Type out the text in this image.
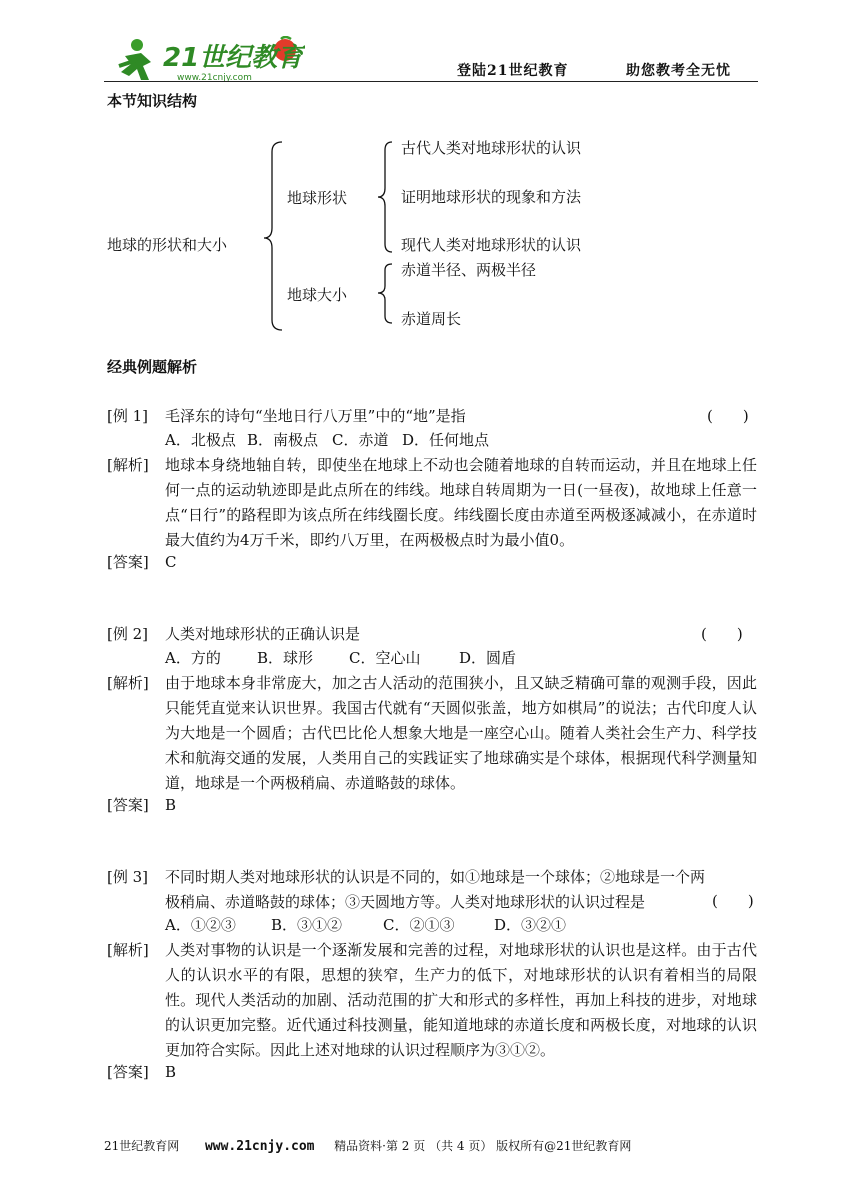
21世纪教育
www.21cnjy.com	登陆21世纪教育	助您教考全无忧
本节知识结构
地球的形状和大小
地球形状
地球大小
古代人类对地球形状的认识
证明地球形状的现象和方法
现代人类对地球形状的认识
赤道半径、两极半径
赤道周长
经典例题解析
[例 1] 毛泽东的诗句“坐地日行八万里”中的“地”是指	(　　)
A．北极点 B．南极点 C．赤道 D．任何地点
[解析] 地球本身绕地轴自转，即使坐在地球上不动也会随着地球的自转而运动，并且在地球上任何一点的运动轨迹即是此点所在的纬线。地球自转周期为一日(一昼夜)，故地球上任意一点“日行”的路程即为该点所在纬线圈长度。纬线圈长度由赤道至两极逐减减小，在赤道时最大值约为4万千米，即约八万里，在两极极点时为最小值0。
[答案] C
[例 2] 人类对地球形状的正确认识是	(　　)
A．方的 B．球形 C．空心山	D．圆盾
[解析] 由于地球本身非常庞大，加之古人活动的范围狭小，且又缺乏精确可靠的观测手段，因此只能凭直觉来认识世界。我国古代就有“天圆似张盖，地方如棋局”的说法；古代印度人认为大地是一个圆盾；古代巴比伦人想象大地是一座空心山。随着人类社会生产力、科学技术和航海交通的发展，人类用自己的实践证实了地球确实是个球体，根据现代科学测量知道，地球是一个两极稍扁、赤道略鼓的球体。
[答案] B
[例 3] 不同时期人类对地球形状的认识是不同的，如①地球是一个球体；②地球是一个两极稍扁、赤道略鼓的球体；③天圆地方等。人类对地球形状的认识过程是	(　　)
A．①②③ B．③①②	C．②①③	D．③②①
[解析] 人类对事物的认识是一个逐渐发展和完善的过程，对地球形状的认识也是这样。由于古代人的认识水平的有限，思想的狭窄，生产力的低下，对地球形状的认识有着相当的局限性。现代人类活动的加剧、活动范围的扩大和形式的多样性，再加上科技的进步，对地球的认识更加完整。近代通过科技测量，能知道地球的赤道长度和两极长度，对地球的认识更加符合实际。因此上述对地球的认识过程顺序为③①②。
[答案] B
21世纪教育网 www.21cnjy.com 精品资料·第 2 页 （共 4 页） 版权所有@21世纪教育网
